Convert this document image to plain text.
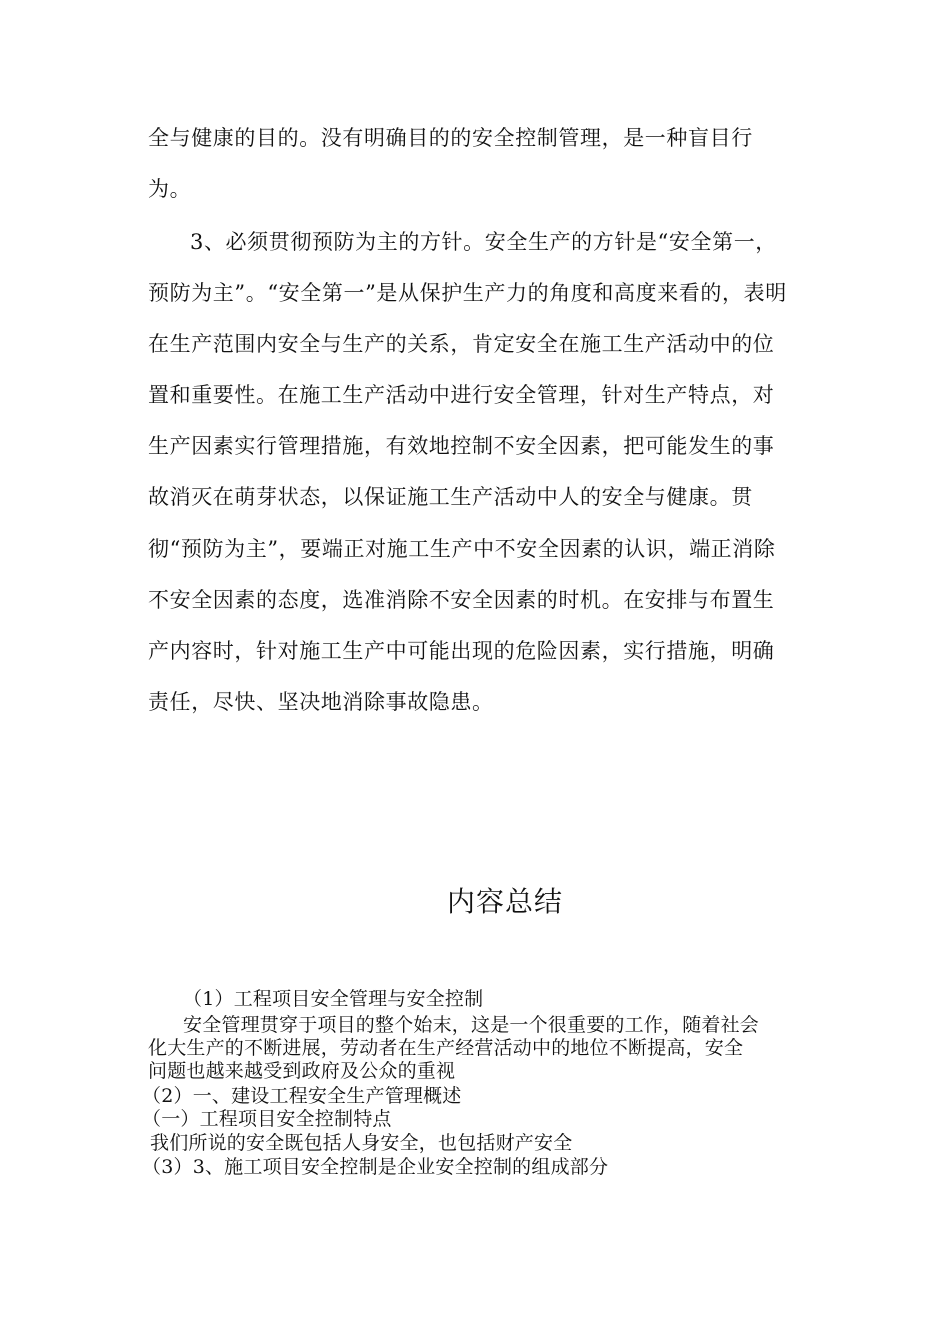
全与健康的目的。没有明确目的的安全控制管理，是一种盲目行
为。
3、必须贯彻预防为主的方针。安全生产的方针是“安全第一，
预防为主”。“安全第一”是从保护生产力的角度和高度来看的，表明
在生产范围内安全与生产的关系，肯定安全在施工生产活动中的位
置和重要性。在施工生产活动中进行安全管理，针对生产特点，对
生产因素实行管理措施，有效地控制不安全因素，把可能发生的事
故消灭在萌芽状态，以保证施工生产活动中人的安全与健康。贯
彻“预防为主”，要端正对施工生产中不安全因素的认识，端正消除
不安全因素的态度，选准消除不安全因素的时机。在安排与布置生
产内容时，针对施工生产中可能出现的危险因素，实行措施，明确
责任，尽快、坚决地消除事故隐患。
内容总结
（1）工程项目安全管理与安全控制
安全管理贯穿于项目的整个始末，这是一个很重要的工作，随着社会
化大生产的不断进展，劳动者在生产经营活动中的地位不断提高，安全
问题也越来越受到政府及公众的重视
（2）一、建设工程安全生产管理概述
（一）工程项目安全控制特点
我们所说的安全既包括人身安全，也包括财产安全
（3）3、施工项目安全控制是企业安全控制的组成部分
